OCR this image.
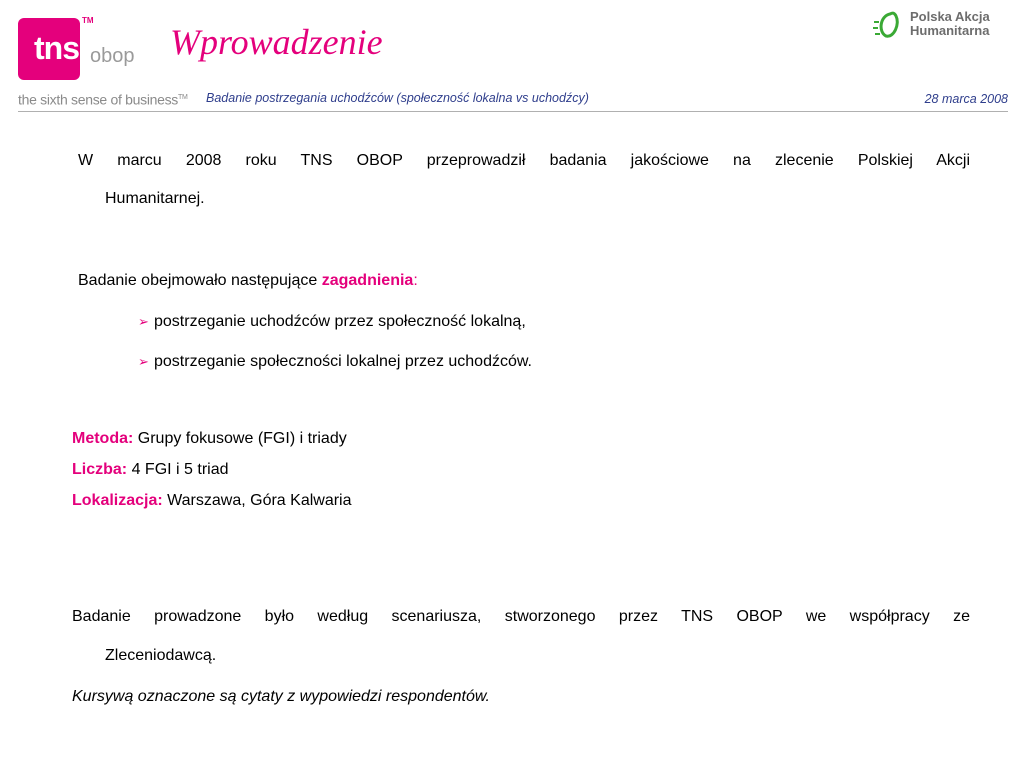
tns
TM
obop
the sixth sense of business™
Wprowadzenie
Badanie postrzegania uchodźców (społeczność lokalna vs uchodźcy)	28 marca 2008
Polska Akcja
Humanitarna
W marcu 2008 roku TNS OBOP przeprowadził badania jakościowe na zlecenie Polskiej Akcji
Humanitarnej.
Badanie obejmowało następujące zagadnienia:
➢ postrzeganie uchodźców przez społeczność lokalną,
➢ postrzeganie społeczności lokalnej przez uchodźców.
Metoda: Grupy fokusowe (FGI) i triady
Liczba: 4 FGI i 5 triad
Lokalizacja: Warszawa, Góra Kalwaria
Badanie prowadzone było według scenariusza, stworzonego przez TNS OBOP we współpracy ze
Zleceniodawcą.
Kursywą oznaczone są cytaty z wypowiedzi respondentów.
